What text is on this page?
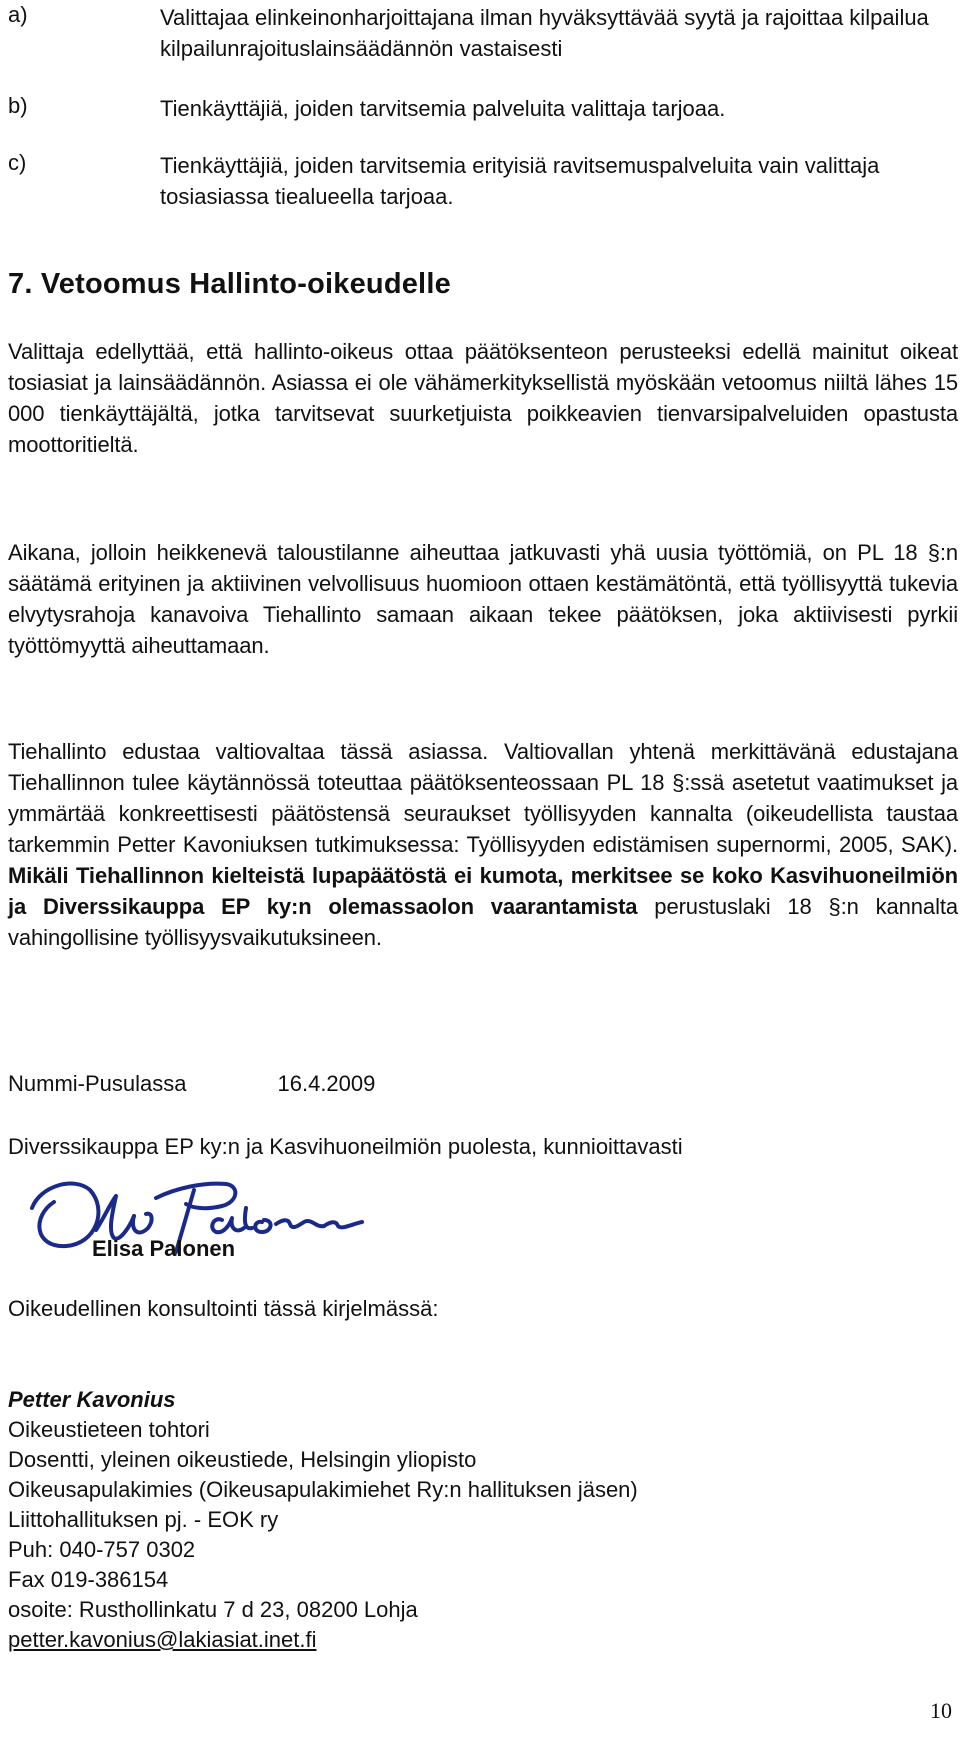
a)	Valittajaa elinkeinonharjoittajana ilman hyväksyttävää syytä ja rajoittaa kilpailua kilpailunrajoituslainsäädännön vastaisesti
b)	Tienkäyttäjiä, joiden tarvitsemia palveluita valittaja tarjoaa.
c)	Tienkäyttäjiä, joiden tarvitsemia erityisiä ravitsemuspalveluita vain valittaja tosiasiassa tiealueella tarjoaa.
7. Vetoomus Hallinto-oikeudelle

Valittaja edellyttää, että hallinto-oikeus ottaa päätöksenteon perusteeksi edellä mainitut oikeat tosiasiat ja lainsäädännön. Asiassa ei ole vähämerkityksellistä myöskään vetoomus niiltä lähes 15 000 tienkäyttäjältä, jotka tarvitsevat suurketjuista poikkeavien tienvarsipalveluiden opastusta moottoritieltä.

Aikana, jolloin heikkenevä taloustilanne aiheuttaa jatkuvasti yhä uusia työttömiä, on PL 18 §:n säätämä erityinen ja aktiivinen velvollisuus huomioon ottaen kestämätöntä, että työllisyyttä tukevia elvytysrahoja kanavoiva Tiehallinto samaan aikaan tekee päätöksen, joka aktiivisesti pyrkii työttömyyttä aiheuttamaan.

Tiehallinto edustaa valtiovaltaa tässä asiassa. Valtiovallan yhtenä merkittävänä edustajana Tiehallinnon tulee käytännössä toteuttaa päätöksenteossaan PL 18 §:ssä asetetut vaatimukset ja ymmärtää konkreettisesti päätöstensä seuraukset työllisyyden kannalta (oikeudellista taustaa tarkemmin Petter Kavoniuksen tutkimuksessa: Työllisyyden edistämisen supernormi, 2005, SAK). Mikäli Tiehallinnon kielteistä lupapäätöstä ei kumota, merkitsee se koko Kasvihuoneilmiön ja Diverssikauppa EP ky:n olemassaolon vaarantamista perustuslaki 18 §:n kannalta vahingollisine työllisyysvaikutuksineen.

Nummi-Pusulassa	16.4.2009

Diverssikauppa EP ky:n ja Kasvihuoneilmiön puolesta, kunnioittavasti

Elisa Palonen

Oikeudellinen konsultointi tässä kirjelmässä:

Petter Kavonius

Oikeustieteen tohtori

Dosentti, yleinen oikeustiede, Helsingin yliopisto

Oikeusapulakimies (Oikeusapulakimiehet Ry:n hallituksen jäsen)

Liittohallituksen pj. - EOK ry

Puh: 040-757 0302

Fax 019-386154

osoite: Rusthollinkatu 7 d 23, 08200 Lohja

petter.kavonius@lakiasiat.inet.fi

10
